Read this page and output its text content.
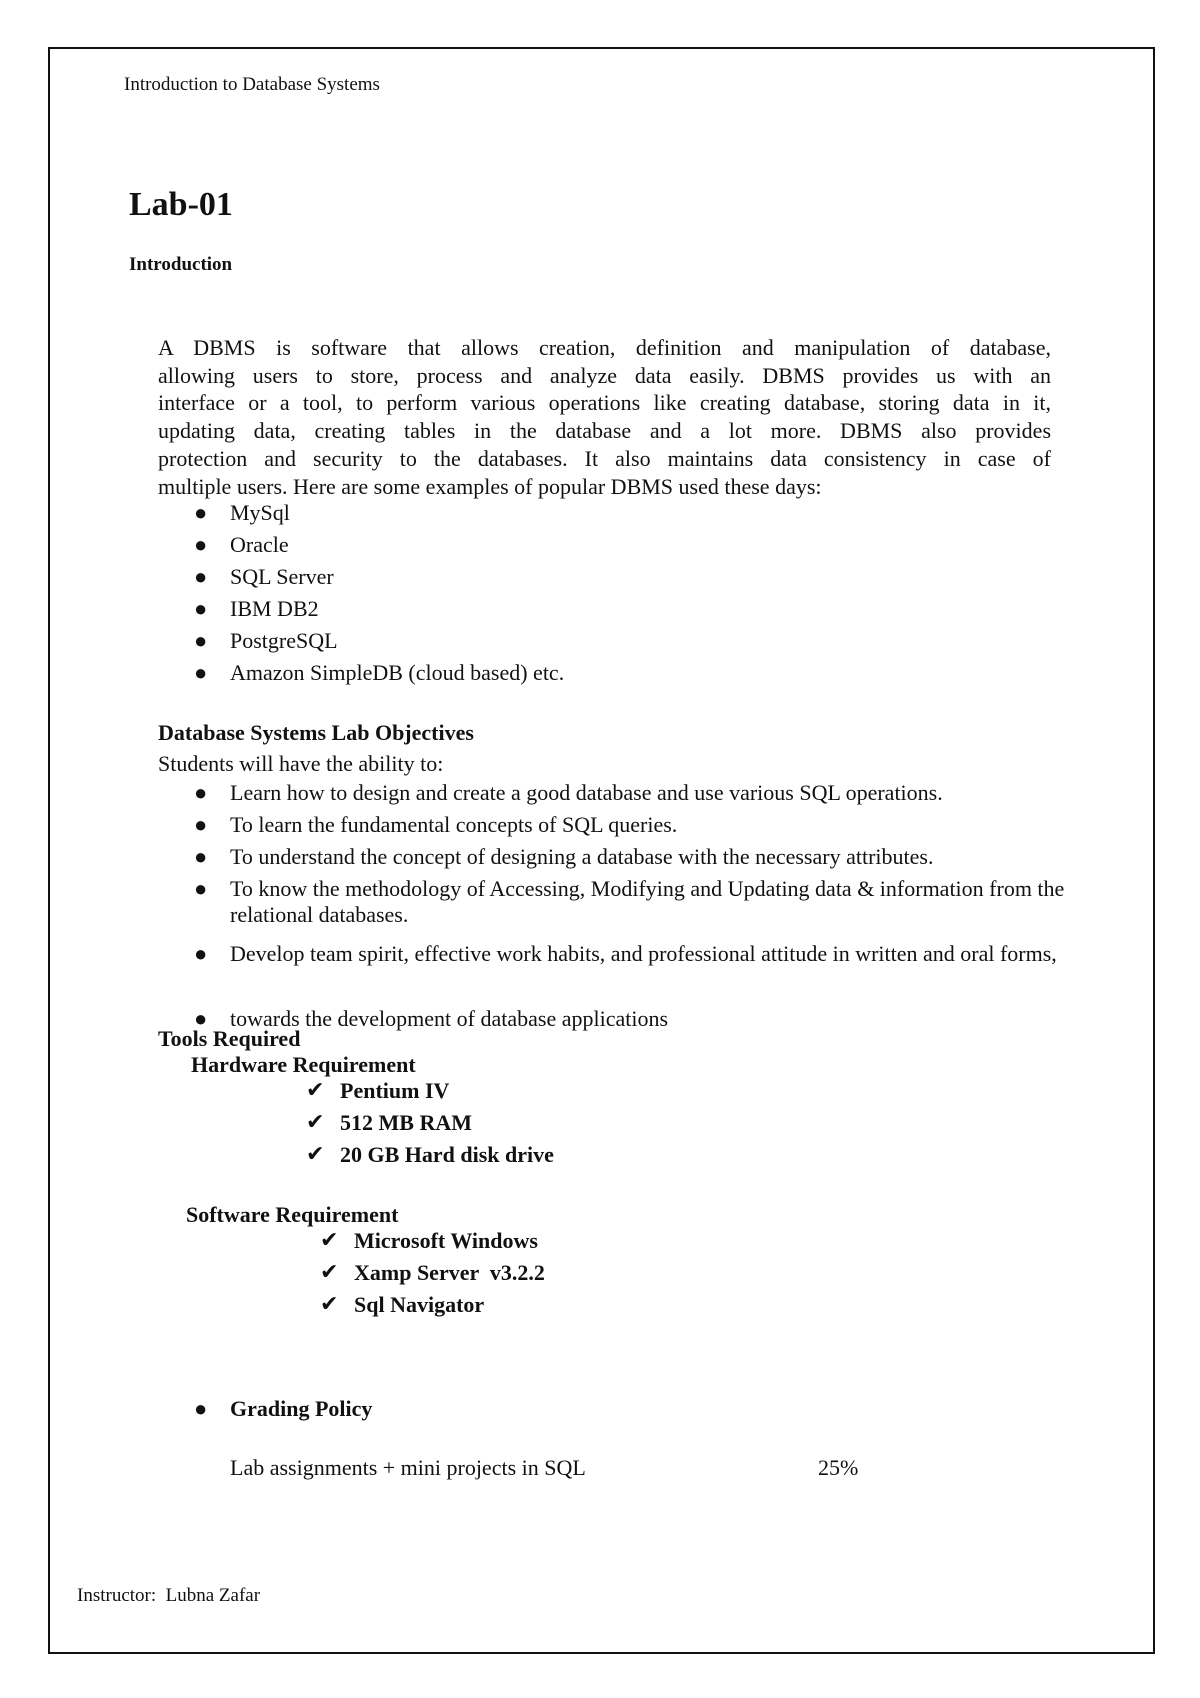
Introduction to Database Systems
Lab-01
Introduction
A DBMS is software that allows creation, definition and manipulation of database,
allowing users to store, process and analyze data easily. DBMS provides us with an
interface or a tool, to perform various operations like creating database, storing data in it,
updating data, creating tables in the database and a lot more. DBMS also provides
protection and security to the databases. It also maintains data consistency in case of
multiple users. Here are some examples of popular DBMS used these days:
● MySql
● Oracle
● SQL Server
● IBM DB2
● PostgreSQL
● Amazon SimpleDB (cloud based) etc.
Database Systems Lab Objectives
Students will have the ability to:
● Learn how to design and create a good database and use various SQL operations.
● To learn the fundamental concepts of SQL queries.
● To understand the concept of designing a database with the necessary attributes.
● To know the methodology of Accessing, Modifying and Updating data & information from the relational databases.
● Develop team spirit, effective work habits, and professional attitude in written and oral forms,
● towards the development of database applications
Tools Required
Hardware Requirement
✔ Pentium IV
✔ 512 MB RAM
✔ 20 GB Hard disk drive
Software Requirement
✔ Microsoft Windows
✔ Xamp Server  v3.2.2
✔ Sql Navigator
● Grading Policy
Lab assignments + mini projects in SQL	25%
Instructor:  Lubna Zafar
